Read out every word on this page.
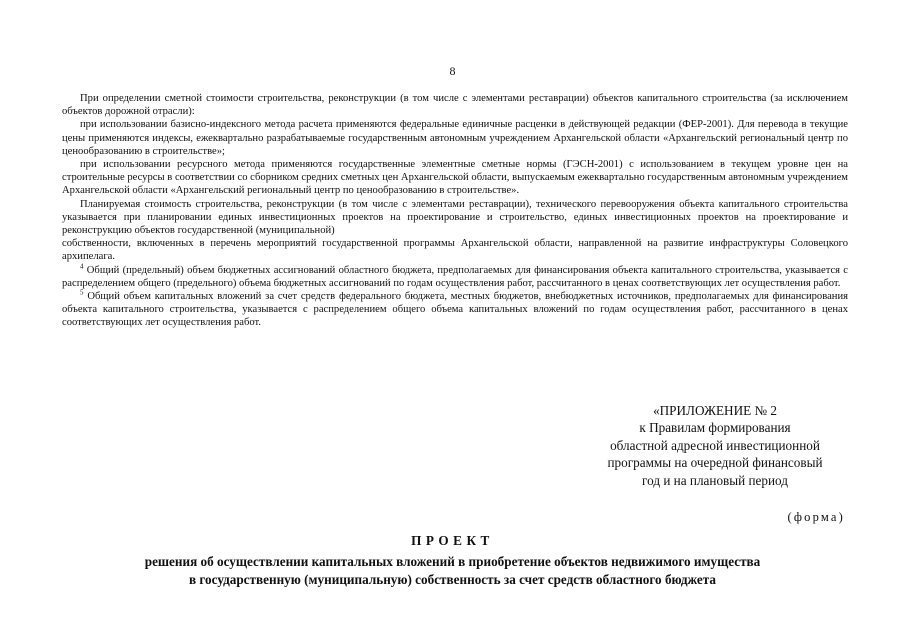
8

При определении сметной стоимости строительства, реконструкции (в том числе с элементами реставрации) объектов капитального строительства (за исключением объектов дорожной отрасли):

при использовании базисно-индексного метода расчета применяются федеральные единичные расценки в действующей редакции (ФЕР-2001). Для перевода в текущие цены применяются индексы, ежеквартально разрабатываемые государственным автономным учреждением Архангельской области «Архангельский региональный центр по ценообразованию в строительстве»;

при использовании ресурсного метода применяются государственные элементные сметные нормы (ГЭСН-2001) с использованием в текущем уровне цен на строительные ресурсы в соответствии со сборником средних сметных цен Архангельской области, выпускаемым ежеквартально государственным автономным учреждением Архангельской области «Архангельский региональный центр по ценообразованию в строительстве».

Планируемая стоимость строительства, реконструкции (в том числе с элементами реставрации), технического перевооружения объекта капитального строительства указывается при планировании единых инвестиционных проектов на проектирование и строительство, единых инвестиционных проектов на проектирование и реконструкцию объектов государственной (муниципальной)

собственности, включенных в перечень мероприятий государственной программы Архангельской области, направленной на развитие инфраструктуры Соловецкого архипелага.

$^4$ Общий (предельный) объем бюджетных ассигнований областного бюджета, предполагаемых для финансирования объекта капитального строительства, указывается с распределением общего (предельного) объема бюджетных ассигнований по годам осуществления работ, рассчитанного в ценах соответствующих лет осуществления работ.

$^5$ Общий объем капитальных вложений за счет средств федерального бюджета, местных бюджетов, внебюджетных источников, предполагаемых для финансирования объекта капитального строительства, указывается с распределением общего объема капитальных вложений по годам осуществления работ, рассчитанного в ценах соответствующих лет осуществления работ.

«ПРИЛОЖЕНИЕ № 2
к Правилам формирования
областной адресной инвестиционной
программы на очередной финансовый
год и на плановый период
(форма)
ПРОЕКТ
решения об осуществлении капитальных вложений в приобретение объектов недвижимого имущества
в государственную (муниципальную) собственность за счет средств областного бюджета
